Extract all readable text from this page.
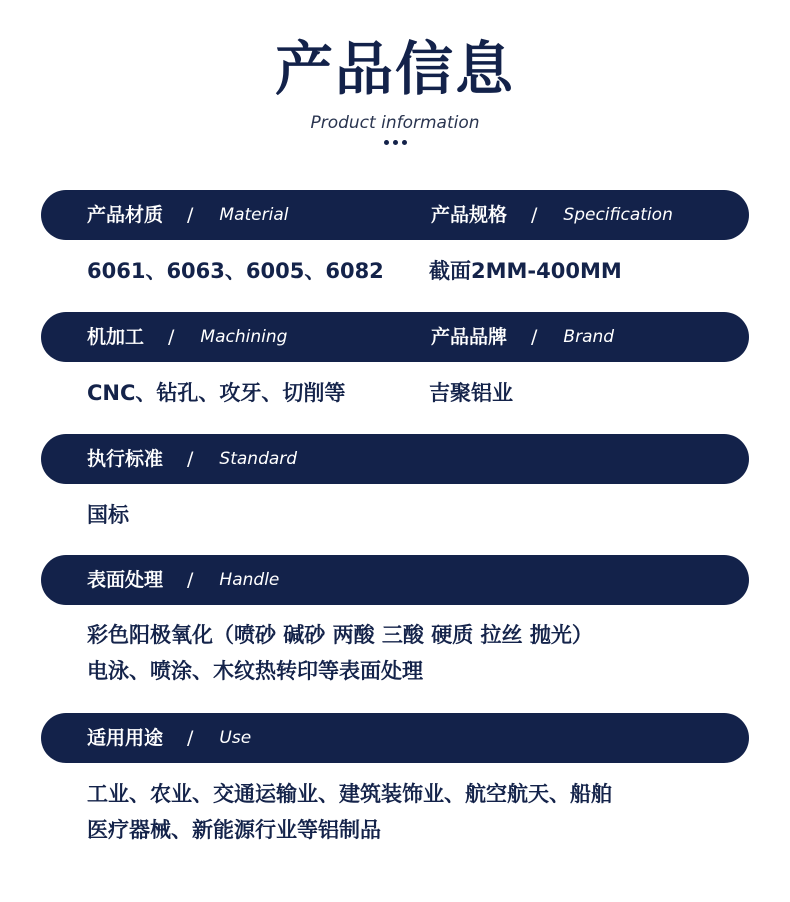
产品信息
Product information
产品材质 / Material	产品规格 / Specification
6061、6063、6005、6082 截面2MM-400MM
机加工 / Machining	产品品牌 / Brand
CNC、钻孔、攻牙、切削等	吉聚铝业
执行标准 / Standard
国标
表面处理 / Handle
彩色阳极氧化（喷砂 碱砂 两酸 三酸 硬质 拉丝 抛光）
电泳、喷涂、木纹热转印等表面处理
适用用途 / Use
工业、农业、交通运输业、建筑装饰业、航空航天、船舶
医疗器械、新能源行业等铝制品
